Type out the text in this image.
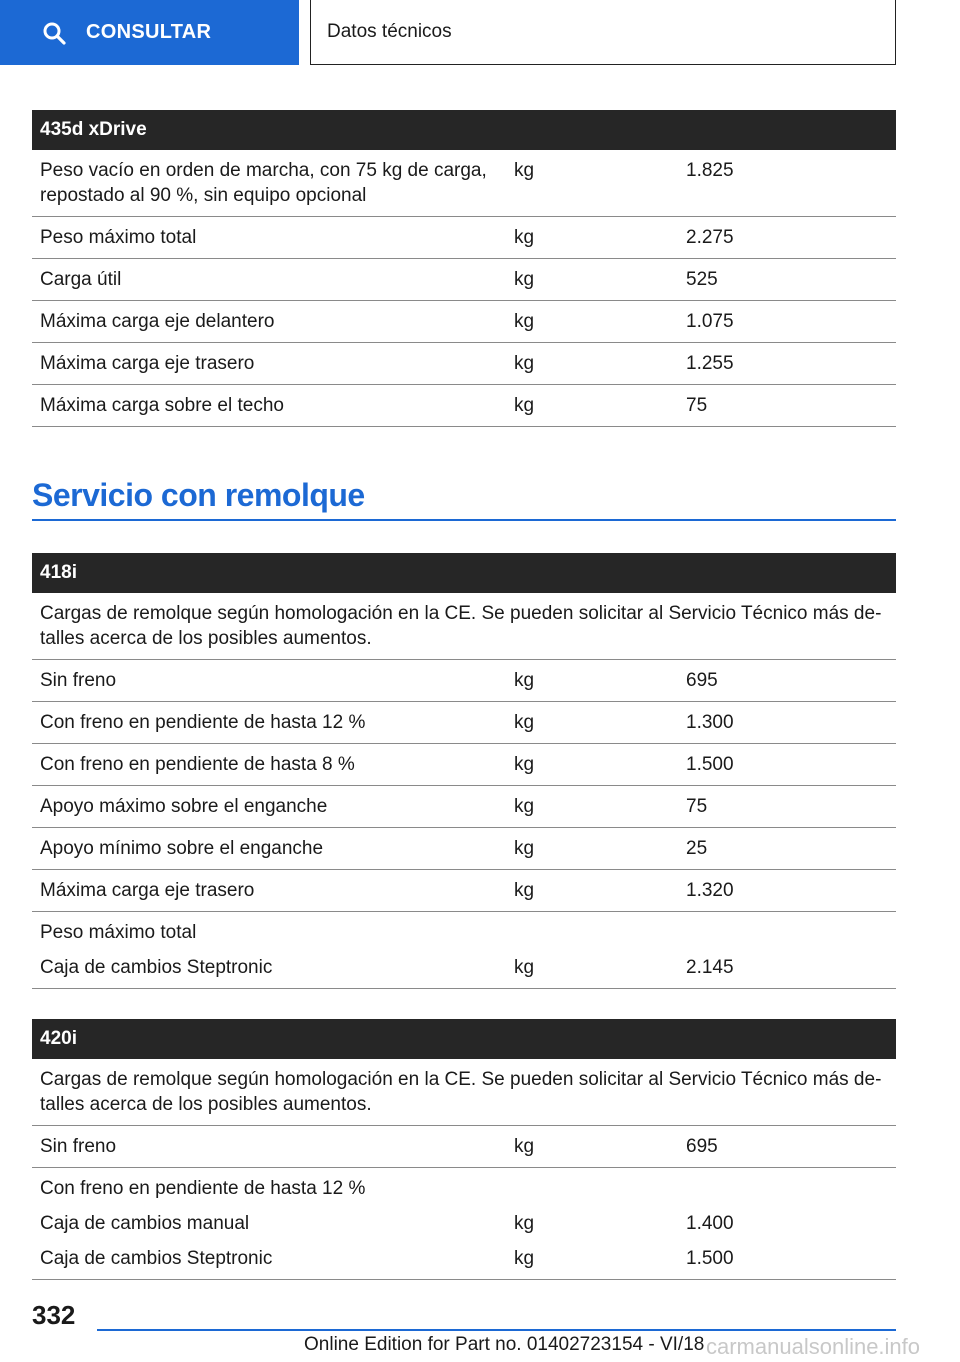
CONSULTAR	Datos técnicos
435d xDrive		
Peso vacío en orden de marcha, con 75 kg de carga, repostado al 90 %, sin equipo opcional	kg	1.825
Peso máximo total	kg	2.275
Carga útil	kg	525
Máxima carga eje delantero	kg	1.075
Máxima carga eje trasero	kg	1.255
Máxima carga sobre el techo	kg	75
Servicio con remolque
418i		
Cargas de remolque según homologación en la CE. Se pueden solicitar al Servicio Técnico más de-talles acerca de los posibles aumentos.		
Sin freno	kg	695
Con freno en pendiente de hasta 12 %	kg	1.300
Con freno en pendiente de hasta 8 %	kg	1.500
Apoyo máximo sobre el enganche	kg	75
Apoyo mínimo sobre el enganche	kg	25
Máxima carga eje trasero	kg	1.320
Peso máximo total		
Caja de cambios Steptronic	kg	2.145
420i		
Cargas de remolque según homologación en la CE. Se pueden solicitar al Servicio Técnico más de-talles acerca de los posibles aumentos.		
Sin freno	kg	695
Con freno en pendiente de hasta 12 %		
Caja de cambios manual	kg	1.400
Caja de cambios Steptronic	kg	1.500
332
Online Edition for Part no. 01402723154 - VI/18 carmanualsonline.info
